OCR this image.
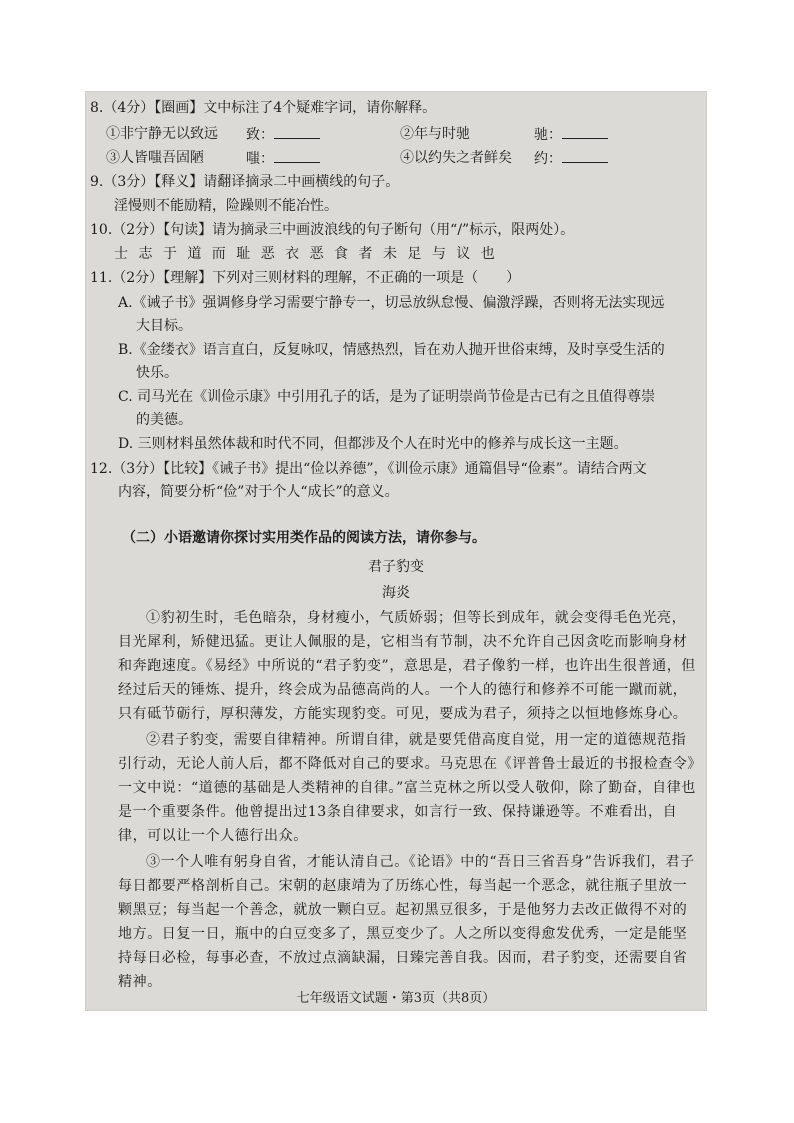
8.（4分）【圈画】文中标注了4个疑难字词，请你解释。
①非宁静无以致远 致：	②年与时驰	驰：
③人皆嗤吾固陋	嗤：	④以约失之者鲜矣 约：
9.（3分）【释义】请翻译摘录二中画横线的句子。
淫慢则不能励精，险躁则不能冶性。
10.（2分）【句读】请为摘录三中画波浪线的句子断句（用“/”标示，限两处）。
士 志 于 道 而 耻 恶 衣 恶 食 者 未 足 与 议 也
11.（2分）【理解】下列对三则材料的理解，不正确的一项是（　　）
A.《诫子书》强调修身学习需要宁静专一，切忌放纵怠慢、偏激浮躁，否则将无法实现远
大目标。
B.《金缕衣》语言直白，反复咏叹，情感热烈，旨在劝人抛开世俗束缚，及时享受生活的
快乐。
C. 司马光在《训俭示康》中引用孔子的话，是为了证明崇尚节俭是古已有之且值得尊崇
的美德。
D. 三则材料虽然体裁和时代不同，但都涉及个人在时光中的修养与成长这一主题。
12.（3分）【比较】《诫子书》提出“俭以养德”，《训俭示康》通篇倡导“俭素”。请结合两文
内容，简要分析“俭”对于个人“成长”的意义。
（二）小语邀请你探讨实用类作品的阅读方法，请你参与。
君子豹变
海炎

①豹初生时，毛色暗杂，身材瘦小，气质娇弱；但等长到成年，就会变得毛色光亮，目光犀利，矫健迅猛。更让人佩服的是，它相当有节制，决不允许自己因贪吃而影响身材和奔跑速度。《易经》中所说的“君子豹变”，意思是，君子像豹一样，也许出生很普通，但经过后天的锤炼、提升，终会成为品德高尚的人。一个人的德行和修养不可能一蹴而就，只有砥节砺行，厚积薄发，方能实现豹变。可见，要成为君子，须持之以恒地修炼身心。

②君子豹变，需要自律精神。所谓自律，就是要凭借高度自觉，用一定的道德规范指引行动，无论人前人后，都不降低对自己的要求。马克思在《评普鲁士最近的书报检查令》一文中说：“道德的基础是人类精神的自律。”富兰克林之所以受人敬仰，除了勤奋，自律也是一个重要条件。他曾提出过13条自律要求，如言行一致、保持谦逊等。不难看出，自律，可以让一个人德行出众。

③一个人唯有躬身自省，才能认清自己。《论语》中的“吾日三省吾身”告诉我们，君子每日都要严格剖析自己。宋朝的赵康靖为了历练心性，每当起一个恶念，就往瓶子里放一颗黑豆；每当起一个善念，就放一颗白豆。起初黑豆很多，于是他努力去改正做得不对的地方。日复一日，瓶中的白豆变多了，黑豆变少了。人之所以变得愈发优秀，一定是能坚持每日必检，每事必查，不放过点滴缺漏，日臻完善自我。因而，君子豹变，还需要自省精神。

七年级语文试题・第3页（共8页）
